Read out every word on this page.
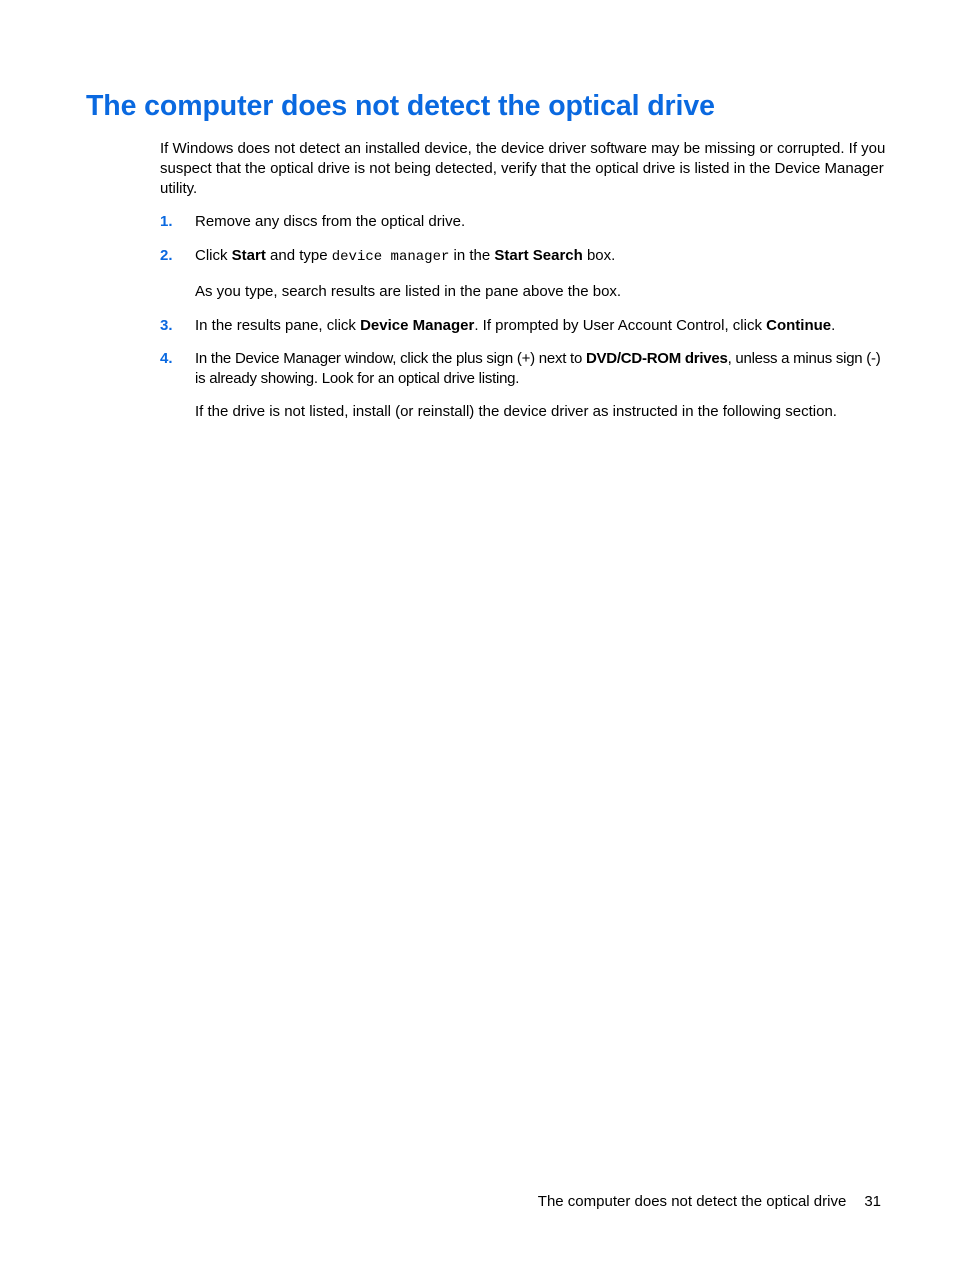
The computer does not detect the optical drive

If Windows does not detect an installed device, the device driver software may be missing or corrupted. If you suspect that the optical drive is not being detected, verify that the optical drive is listed in the Device Manager utility.

1. Remove any discs from the optical drive.

2. Click Start and type device manager in the Start Search box.

As you type, search results are listed in the pane above the box.

3. In the results pane, click Device Manager. If prompted by User Account Control, click Continue.

4. In the Device Manager window, click the plus sign (+) next to DVD/CD-ROM drives, unless a minus sign (-) is already showing. Look for an optical drive listing.

If the drive is not listed, install (or reinstall) the device driver as instructed in the following section.

The computer does not detect the optical drive 31
